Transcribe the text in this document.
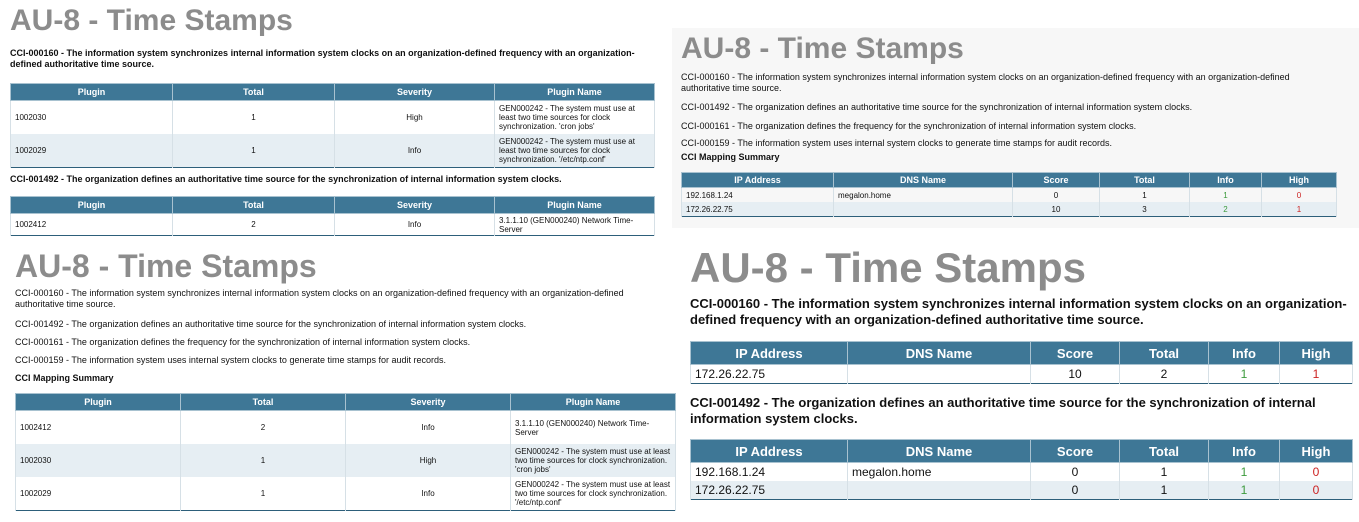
AU-8 - Time Stamps

CCI-000160 - The information system synchronizes internal information system clocks on an organization-defined frequency with an organization-defined authoritative time source.

Plugin	Total	Severity	Plugin Name
1002030	1	High	GEN000242 - The system must use at least two time sources for clock synchronization. 'cron jobs'
1002029	1	Info	GEN000242 - The system must use at least two time sources for clock synchronization. '/etc/ntp.conf'

CCI-001492 - The organization defines an authoritative time source for the synchronization of internal information system clocks.

Plugin	Total	Severity	Plugin Name
1002412	2	Info	3.1.1.10 (GEN000240) Network Time-Server
AU-8 - Time Stamps

CCI-000160 - The information system synchronizes internal information system clocks on an organization-defined frequency with an organization-defined authoritative time source.

CCI-001492 - The organization defines an authoritative time source for the synchronization of internal information system clocks.

CCI-000161 - The organization defines the frequency for the synchronization of internal information system clocks.

CCI-000159 - The information system uses internal system clocks to generate time stamps for audit records.

CCI Mapping Summary
IP Address	DNS Name	Score	Total	Info	High
192.168.1.24	megalon.home	0	1	1	0
172.26.22.75		10	3	2	1
AU-8 - Time Stamps

CCI-000160 - The information system synchronizes internal information system clocks on an organization-defined frequency with an organization-defined authoritative time source.

CCI-001492 - The organization defines an authoritative time source for the synchronization of internal information system clocks.

CCI-000161 - The organization defines the frequency for the synchronization of internal information system clocks.

CCI-000159 - The information system uses internal system clocks to generate time stamps for audit records.

CCI Mapping Summary
Plugin	Total	Severity	Plugin Name
1002412	2	Info	3.1.1.10 (GEN000240) Network Time-Server
1002030	1	High	GEN000242 - The system must use at least two time sources for clock synchronization. 'cron jobs'
1002029	1	Info	GEN000242 - The system must use at least two time sources for clock synchronization. '/etc/ntp.conf'
AU-8 - Time Stamps

CCI-000160 - The information system synchronizes internal information system clocks on an organization-defined frequency with an organization-defined authoritative time source.

IP Address	DNS Name	Score	Total	Info	High
172.26.22.75		10	2	1	1

CCI-001492 - The organization defines an authoritative time source for the synchronization of internal information system clocks.

IP Address	DNS Name	Score	Total	Info	High
192.168.1.24	megalon.home	0	1	1	0
172.26.22.75		0	1	1	0
